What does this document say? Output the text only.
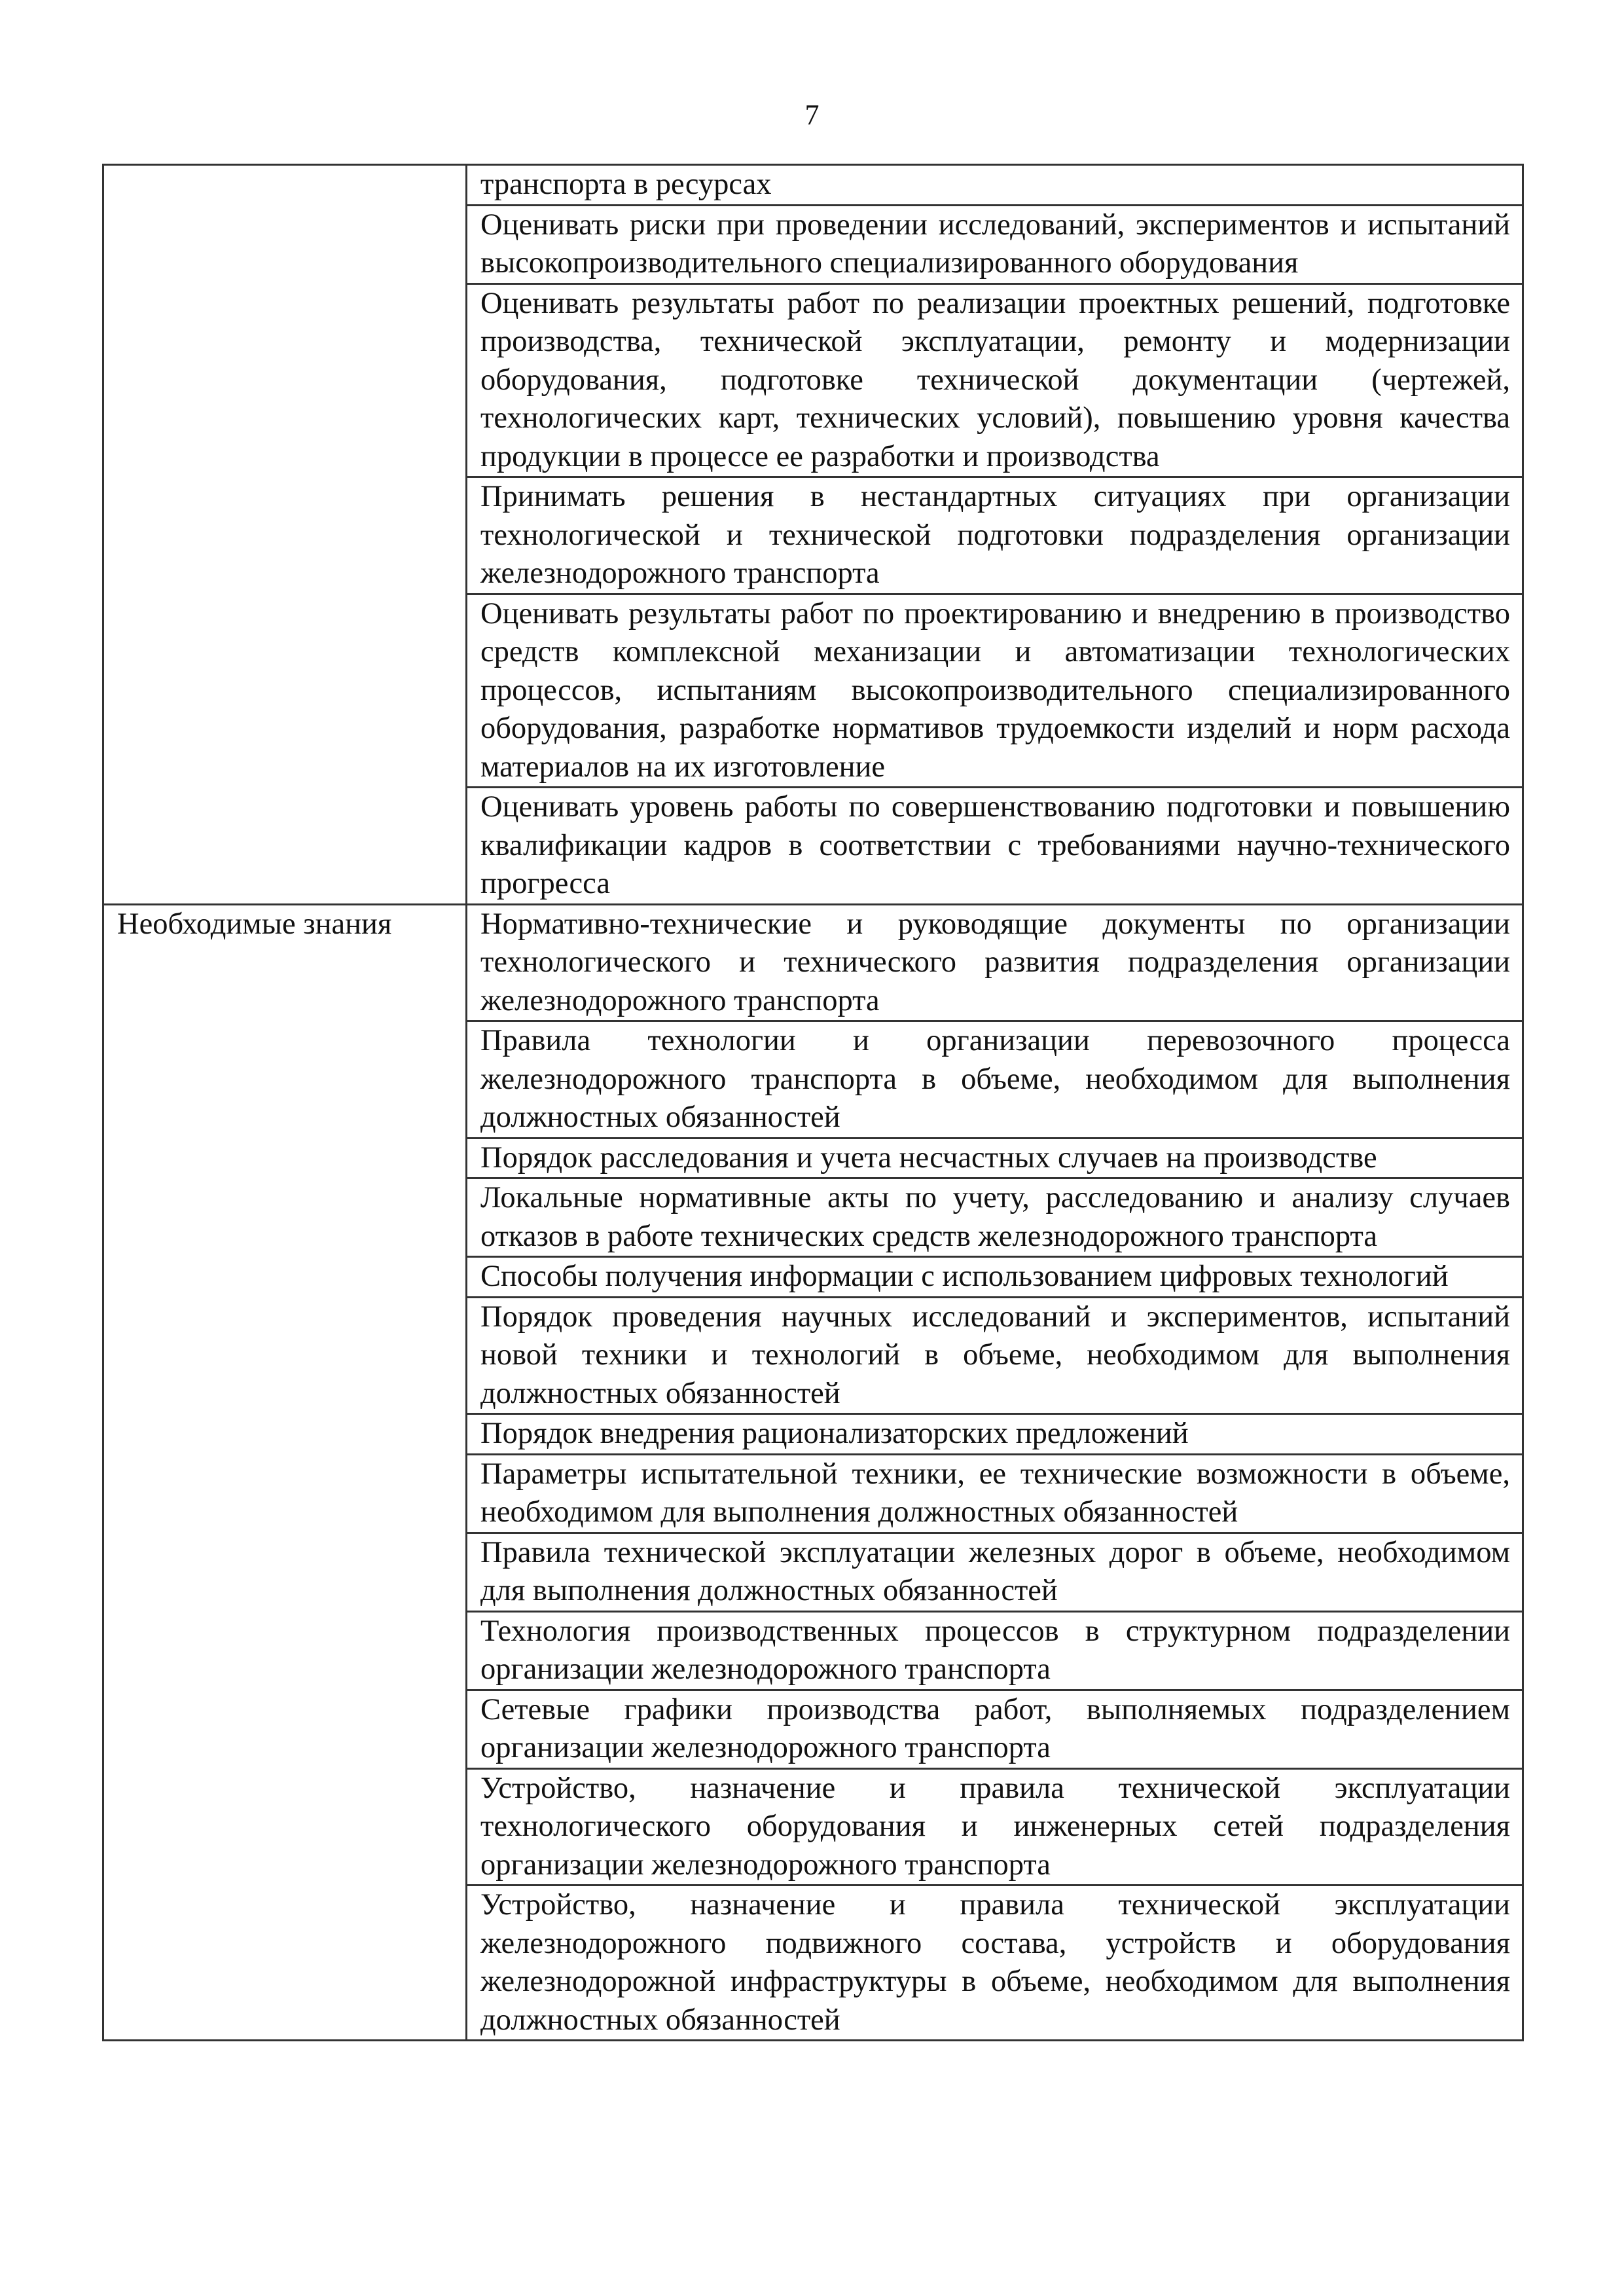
7
	транспорта в ресурсах
	Оценивать риски при проведении исследований, экспериментов и испытаний высокопроизводительного специализированного оборудования
	Оценивать результаты работ по реализации проектных решений, подготовке производства, технической эксплуатации, ремонту и модернизации оборудования, подготовке технической документации (чертежей, технологических карт, технических условий), повышению уровня качества продукции в процессе ее разработки и производства
	Принимать решения в нестандартных ситуациях при организации технологической и технической подготовки подразделения организации железнодорожного транспорта
	Оценивать результаты работ по проектированию и внедрению в производство средств комплексной механизации и автоматизации технологических процессов, испытаниям высокопроизводительного специализированного оборудования, разработке нормативов трудоемкости изделий и норм расхода материалов на их изготовление
	Оценивать уровень работы по совершенствованию подготовки и повышению квалификации кадров в соответствии с требованиями научно-технического прогресса
Необходимые знания	Нормативно-технические и руководящие документы по организации технологического и технического развития подразделения организации железнодорожного транспорта
	Правила технологии и организации перевозочного процесса железнодорожного транспорта в объеме, необходимом для выполнения должностных обязанностей
	Порядок расследования и учета несчастных случаев на производстве
	Локальные нормативные акты по учету, расследованию и анализу случаев отказов в работе технических средств железнодорожного транспорта
	Способы получения информации с использованием цифровых технологий
	Порядок проведения научных исследований и экспериментов, испытаний новой техники и технологий в объеме, необходимом для выполнения должностных обязанностей
	Порядок внедрения рационализаторских предложений
	Параметры испытательной техники, ее технические возможности в объеме, необходимом для выполнения должностных обязанностей
	Правила технической эксплуатации железных дорог в объеме, необходимом для выполнения должностных обязанностей
	Технология производственных процессов в структурном подразделении организации железнодорожного транспорта
	Сетевые графики производства работ, выполняемых подразделением организации железнодорожного транспорта
	Устройство, назначение и правила технической эксплуатации технологического оборудования и инженерных сетей подразделения организации железнодорожного транспорта
	Устройство, назначение и правила технической эксплуатации железнодорожного подвижного состава, устройств и оборудования железнодорожной инфраструктуры в объеме, необходимом для выполнения должностных обязанностей
